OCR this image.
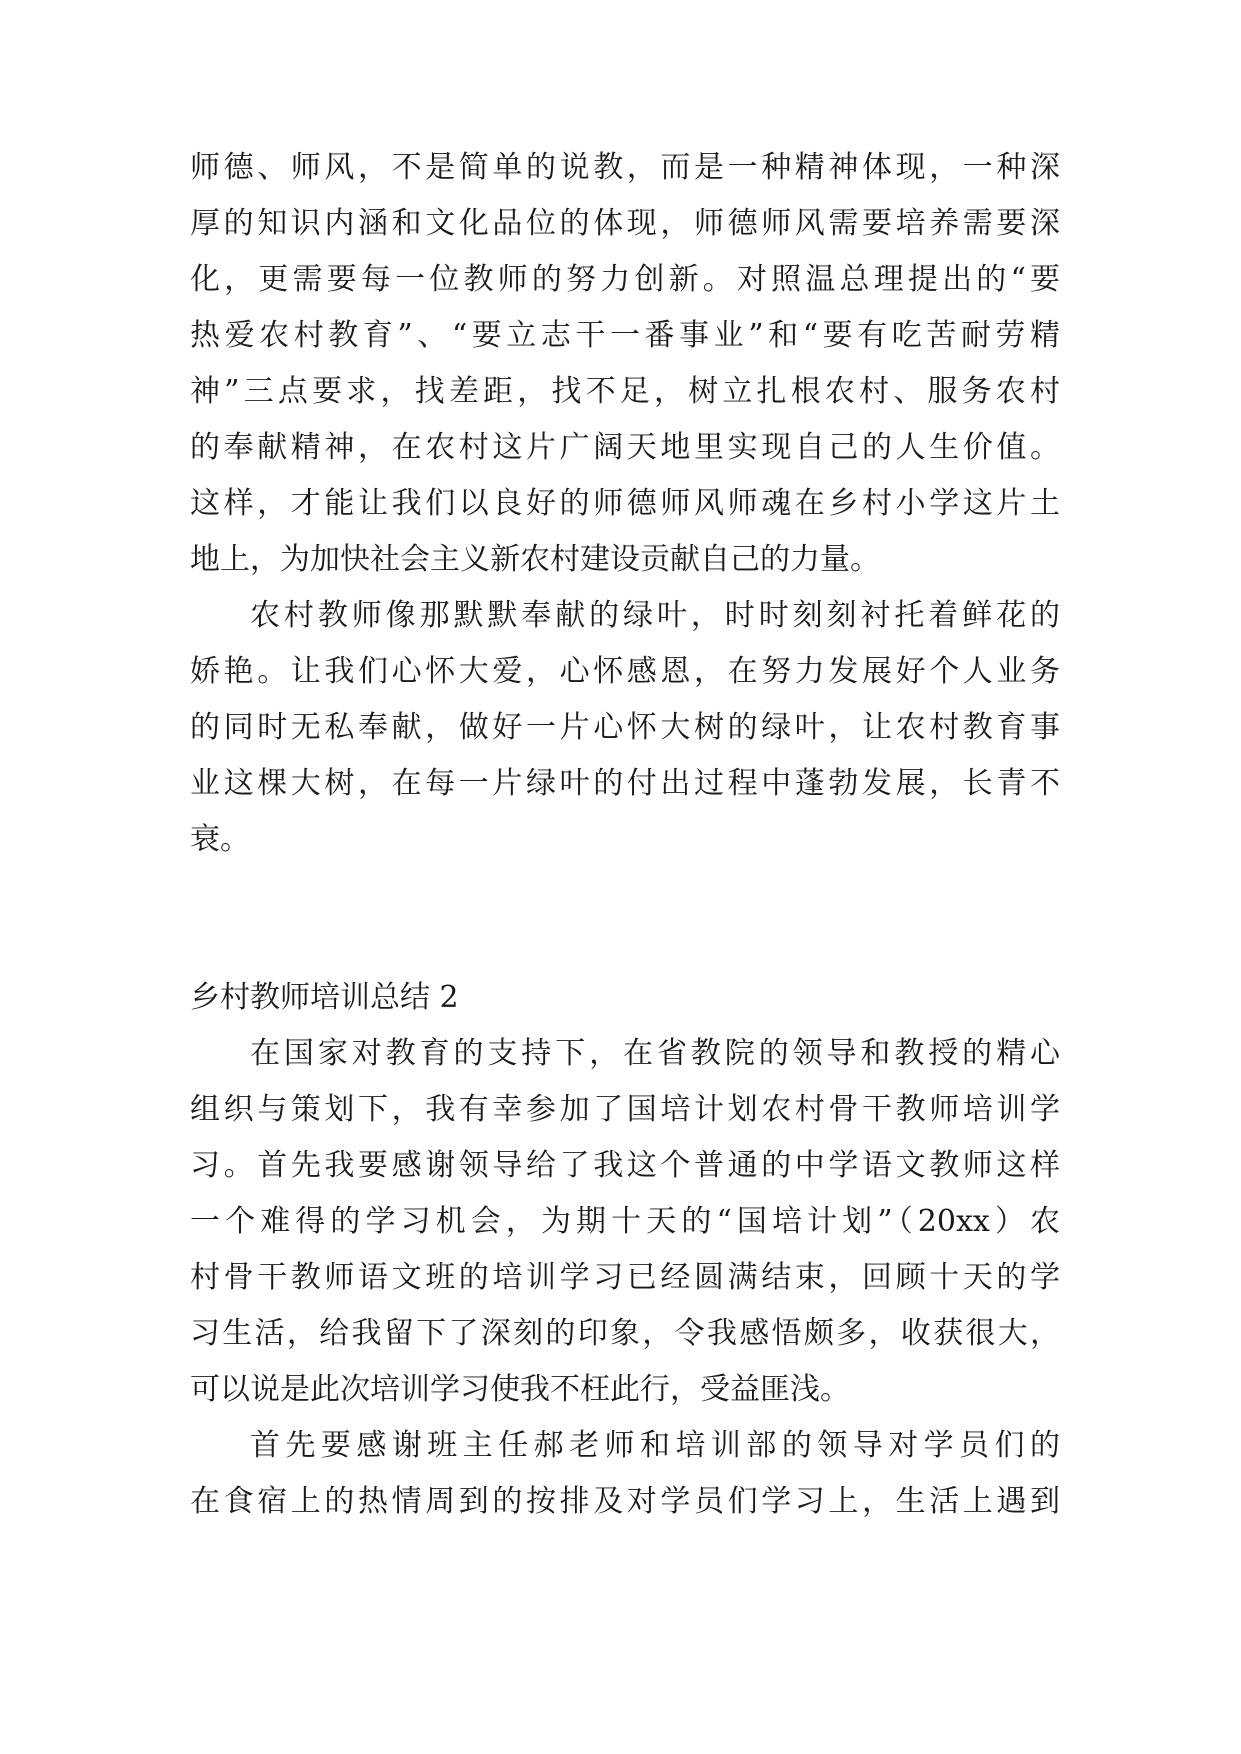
师德、师风，不是简单的说教，而是一种精神体现，一种深
厚的知识内涵和文化品位的体现，师德师风需要培养需要深
化，更需要每一位教师的努力创新。对照温总理提出的“要
热爱农村教育”、“要立志干一番事业”和“要有吃苦耐劳精
神”三点要求，找差距，找不足，树立扎根农村、服务农村
的奉献精神，在农村这片广阔天地里实现自己的人生价值。
这样，才能让我们以良好的师德师风师魂在乡村小学这片土
地上，为加快社会主义新农村建设贡献自己的力量。
农村教师像那默默奉献的绿叶，时时刻刻衬托着鲜花的
娇艳。让我们心怀大爱，心怀感恩，在努力发展好个人业务
的同时无私奉献，做好一片心怀大树的绿叶，让农村教育事
业这棵大树，在每一片绿叶的付出过程中蓬勃发展，长青不
衰。
乡村教师培训总结 2
在国家对教育的支持下，在省教院的领导和教授的精心
组织与策划下，我有幸参加了国培计划农村骨干教师培训学
习。首先我要感谢领导给了我这个普通的中学语文教师这样
一个难得的学习机会，为期十天的“国培计划”（20xx）农
村骨干教师语文班的培训学习已经圆满结束，回顾十天的学
习生活，给我留下了深刻的印象，令我感悟颇多，收获很大，
可以说是此次培训学习使我不枉此行，受益匪浅。
首先要感谢班主任郝老师和培训部的领导对学员们的
在食宿上的热情周到的按排及对学员们学习上，生活上遇到
